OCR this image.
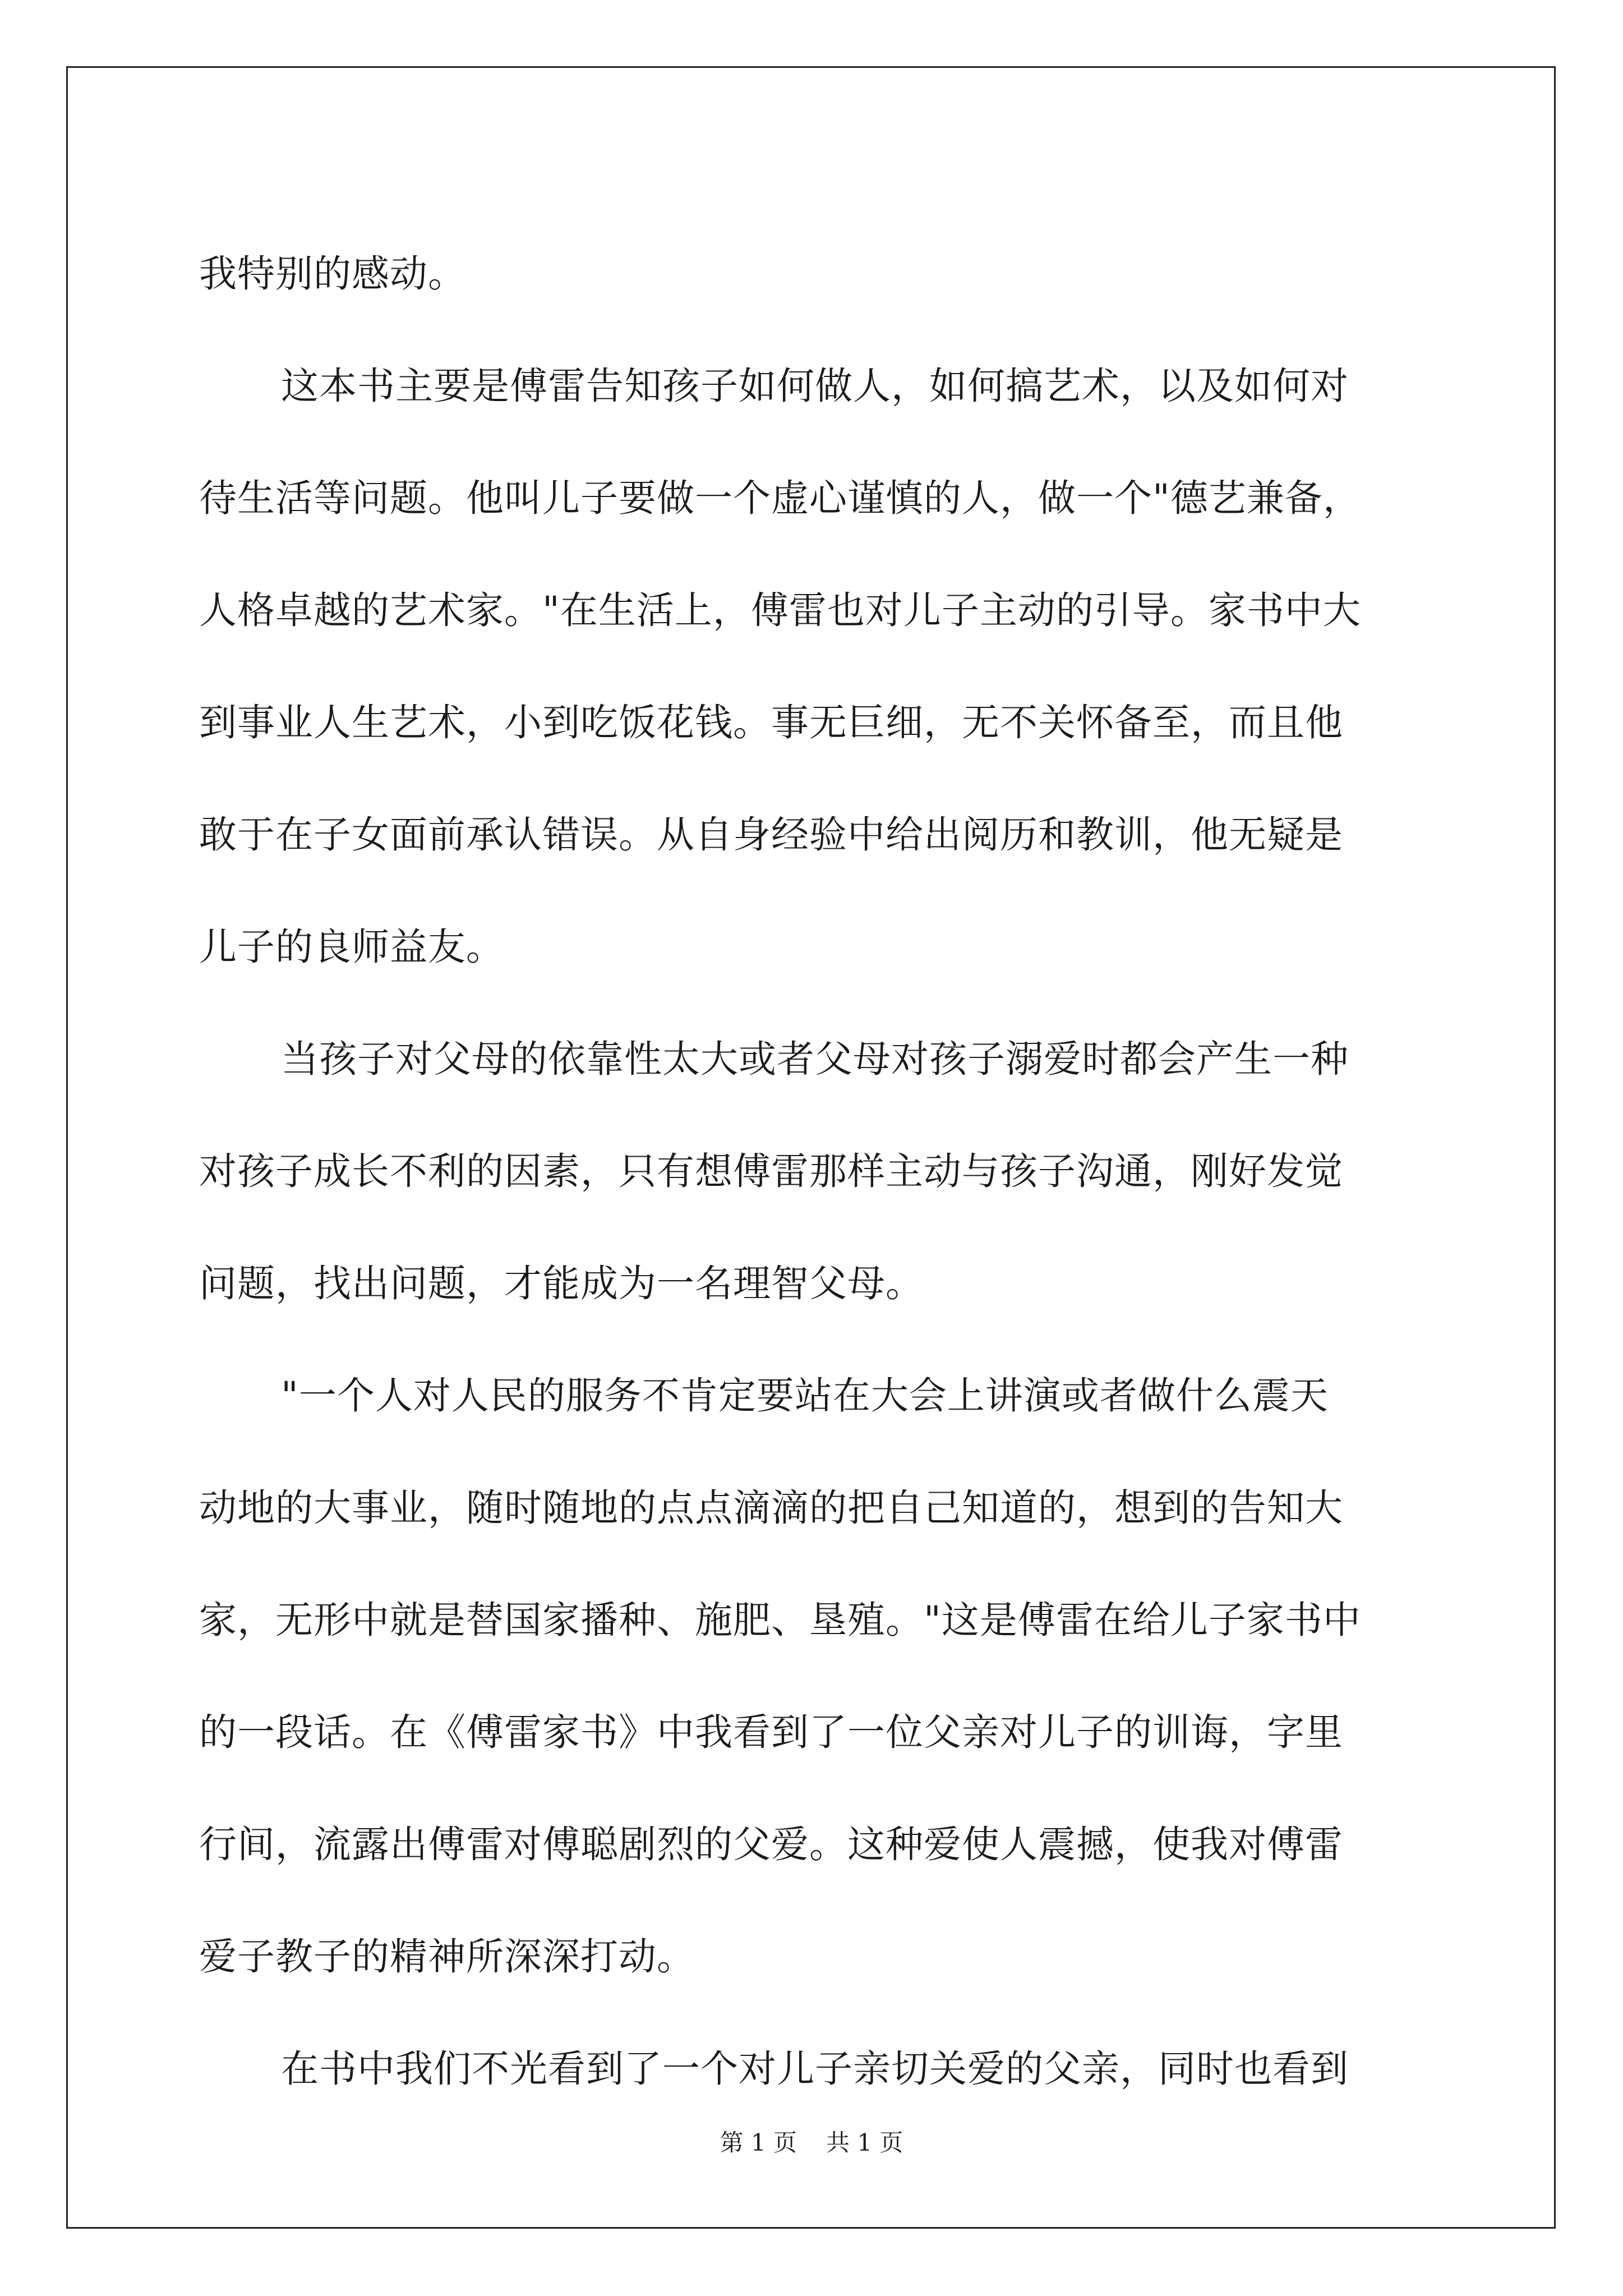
我特别的感动。
这本书主要是傅雷告知孩子如何做人，如何搞艺术，以及如何对
待生活等问题。他叫儿子要做一个虚心谨慎的人，做一个"德艺兼备，
人格卓越的艺术家。"在生活上，傅雷也对儿子主动的引导。家书中大
到事业人生艺术，小到吃饭花钱。事无巨细，无不关怀备至，而且他
敢于在子女面前承认错误。从自身经验中给出阅历和教训，他无疑是
儿子的良师益友。
当孩子对父母的依靠性太大或者父母对孩子溺爱时都会产生一种
对孩子成长不利的因素，只有想傅雷那样主动与孩子沟通，刚好发觉
问题，找出问题，才能成为一名理智父母。
"一个人对人民的服务不肯定要站在大会上讲演或者做什么震天
动地的大事业，随时随地的点点滴滴的把自己知道的，想到的告知大
家，无形中就是替国家播种、施肥、垦殖。"这是傅雷在给儿子家书中
的一段话。在《傅雷家书》中我看到了一位父亲对儿子的训诲，字里
行间，流露出傅雷对傅聪剧烈的父爱。这种爱使人震撼，使我对傅雷
爱子教子的精神所深深打动。
在书中我们不光看到了一个对儿子亲切关爱的父亲，同时也看到
第 1 页 共 1 页
